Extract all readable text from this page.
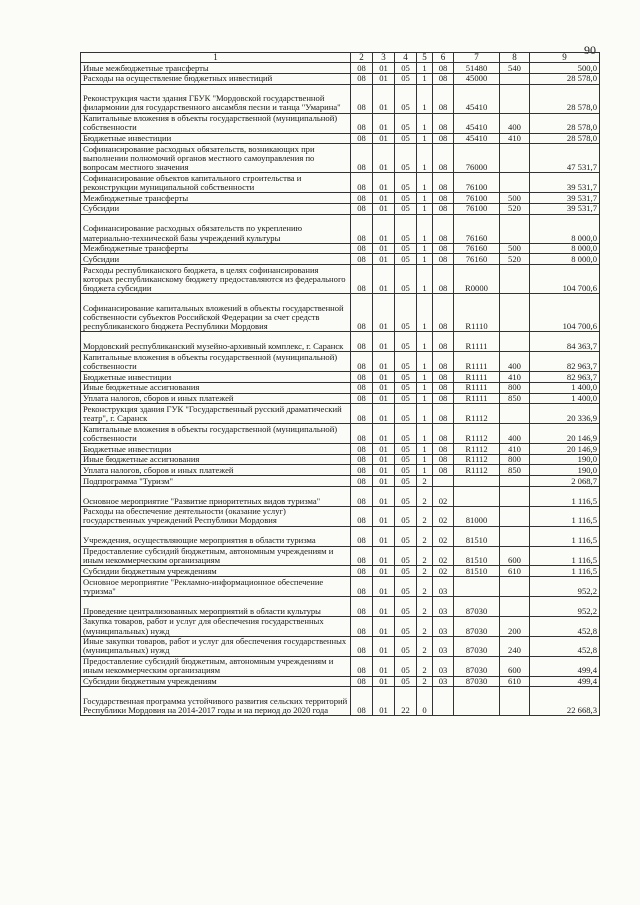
90
1	2	3	4	5	6	7	8	9
Иные межбюджетные трансферты	08	01	05	1	08	51480	540	500,0
Расходы на осуществление бюджетных инвестиций	08	01	05	1	08	45000		28 578,0
Реконструкция части здания ГБУК "Мордовской государственной филармонии для государственного ансамбля песни и танца "Умарина"	08	01	05	1	08	45410		28 578,0
Капитальные вложения в объекты государственной (муниципальной) собственности	08	01	05	1	08	45410	400	28 578,0
Бюджетные инвестиции	08	01	05	1	08	45410	410	28 578,0
Софинансирование расходных обязательств, возникающих при выполнении полномочий органов местного самоуправления по вопросам местного значения	08	01	05	1	08	76000		47 531,7
Софинансирование объектов капитального строительства и реконструкции муниципальной собственности	08	01	05	1	08	76100		39 531,7
Межбюджетные трансферты	08	01	05	1	08	76100	500	39 531,7
Субсидии	08	01	05	1	08	76100	520	39 531,7
Софинансирование расходных обязательств по укреплению материально-технической базы учреждений культуры	08	01	05	1	08	76160		8 000,0
Межбюджетные трансферты	08	01	05	1	08	76160	500	8 000,0
Субсидии	08	01	05	1	08	76160	520	8 000,0
Расходы республиканского бюджета, в целях софинансирования которых республиканскому бюджету предоставляются из федерального бюджета субсидии	08	01	05	1	08	R0000		104 700,6
Софинансирование капитальных вложений в объекты государственной собственности субъектов Российской Федерации за счет средств республиканского бюджета Республики Мордовия	08	01	05	1	08	R1110		104 700,6
Мордовский республиканский музейно-архивный комплекс, г. Саранск	08	01	05	1	08	R1111		84 363,7
Капитальные вложения в объекты государственной (муниципальной) собственности	08	01	05	1	08	R1111	400	82 963,7
Бюджетные инвестиции	08	01	05	1	08	R1111	410	82 963,7
Иные бюджетные ассигнования	08	01	05	1	08	R1111	800	1 400,0
Уплата налогов, сборов и иных платежей	08	01	05	1	08	R1111	850	1 400,0
Реконструкция здания ГУК "Государственный русский драматический театр", г. Саранск	08	01	05	1	08	R1112		20 336,9
Капитальные вложения в объекты государственной (муниципальной) собственности	08	01	05	1	08	R1112	400	20 146,9
Бюджетные инвестиции	08	01	05	1	08	R1112	410	20 146,9
Иные бюджетные ассигнования	08	01	05	1	08	R1112	800	190,0
Уплата налогов, сборов и иных платежей	08	01	05	1	08	R1112	850	190,0
Подпрограмма "Туризм"	08	01	05	2				2 068,7
Основное мероприятие "Развитие приоритетных видов туризма"	08	01	05	2	02			1 116,5
Расходы на обеспечение деятельности (оказание услуг) государственных учреждений Республики Мордовия	08	01	05	2	02	81000		1 116,5
Учреждения, осуществляющие мероприятия в области туризма	08	01	05	2	02	81510		1 116,5
Предоставление субсидий бюджетным, автономным учреждениям и иным некоммерческим организациям	08	01	05	2	02	81510	600	1 116,5
Субсидии бюджетным учреждениям	08	01	05	2	02	81510	610	1 116,5
Основное мероприятие "Рекламно-информационное обеспечение туризма"	08	01	05	2	03			952,2
Проведение централизованных мероприятий в области культуры	08	01	05	2	03	87030		952,2
Закупка товаров, работ и услуг для обеспечения государственных (муниципальных) нужд	08	01	05	2	03	87030	200	452,8
Иные закупки товаров, работ и услуг для обеспечения государственных (муниципальных) нужд	08	01	05	2	03	87030	240	452,8
Предоставление субсидий бюджетным, автономным учреждениям и иным некоммерческим организациям	08	01	05	2	03	87030	600	499,4
Субсидии бюджетным учреждениям	08	01	05	2	03	87030	610	499,4
Государственная программа устойчивого развития сельских территорий Республики Мордовия на 2014-2017 годы и на период до 2020 года	08	01	22	0				22 668,3
